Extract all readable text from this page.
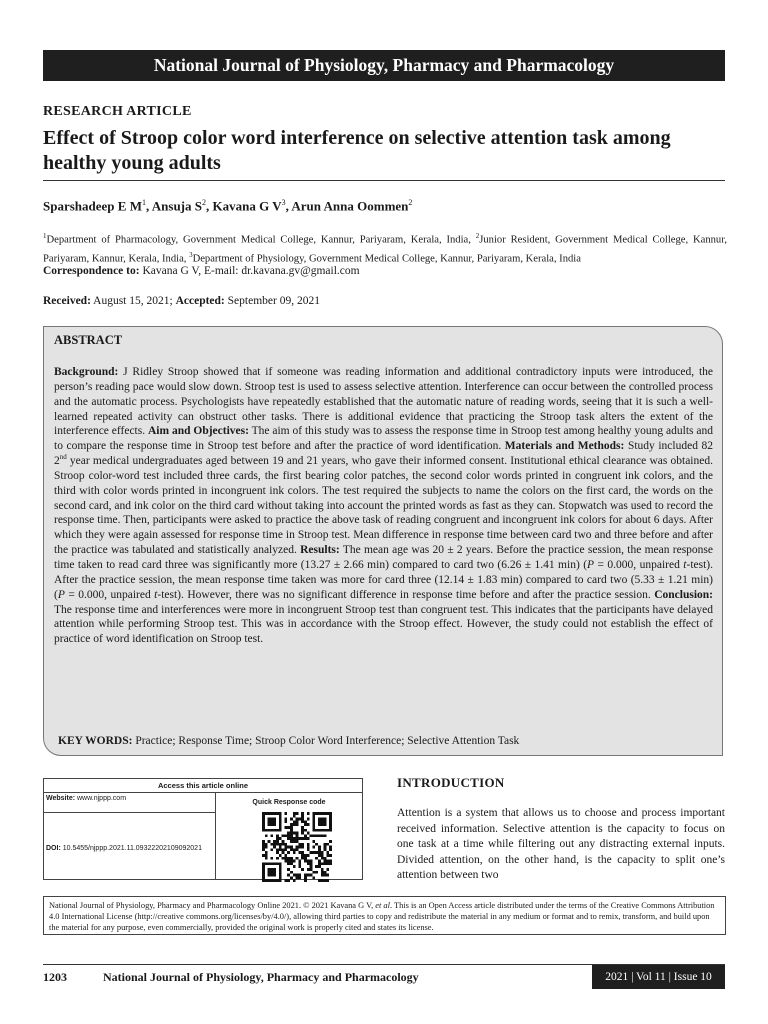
National Journal of Physiology, Pharmacy and Pharmacology
RESEARCH ARTICLE
Effect of Stroop color word interference on selective attention task among healthy young adults
Sparshadeep E $M^1$, Ansuja $S^2$, Kavana G $V^3$, Arun Anna Oommen$^2$
$^1$Department of Pharmacology, Government Medical College, Kannur, Pariyaram, Kerala, India, $^2$Junior Resident, Government Medical College, Kannur, Pariyaram, Kannur, Kerala, India, $^3$Department of Physiology, Government Medical College, Kannur, Pariyaram, Kerala, India
Correspondence to: Kavana G V, E-mail: dr.kavana.gv@gmail.com
Received: August 15, 2021; Accepted: September 09, 2021
ABSTRACT
Background: J Ridley Stroop showed that if someone was reading information and additional contradictory inputs were introduced, the person’s reading pace would slow down. Stroop test is used to assess selective attention. Interference can occur between the controlled process and the automatic process. Psychologists have repeatedly established that the automatic nature of reading words, seeing that it is such a well-learned repeated activity can obstruct other tasks. There is additional evidence that practicing the Stroop task alters the extent of the interference effects. Aim and Objectives: The aim of this study was to assess the response time in Stroop test among healthy young adults and to compare the response time in Stroop test before and after the practice of word identification. Materials and Methods: Study included 82 2nd year medical undergraduates aged between 19 and 21 years, who gave their informed consent. Institutional ethical clearance was obtained. Stroop color-word test included three cards, the first bearing color patches, the second color words printed in congruent ink colors, and the third with color words printed in incongruent ink colors. The test required the subjects to name the colors on the first card, the words on the second card, and ink color on the third card without taking into account the printed words as fast as they can. Stopwatch was used to record the response time. Then, participants were asked to practice the above task of reading congruent and incongruent ink colors for about 6 days. After which they were again assessed for response time in Stroop test. Mean difference in response time between card two and three before and after the practice was tabulated and statistically analyzed. Results: The mean age was 20 ± 2 years. Before the practice session, the mean response time taken to read card three was significantly more (13.27 ± 2.66 min) compared to card two (6.26 ± 1.41 min) (P = 0.000, unpaired t-test). After the practice session, the mean response time taken was more for card three (12.14 ± 1.83 min) compared to card two (5.33 ± 1.21 min) (P = 0.000, unpaired t-test). However, there was no significant difference in response time before and after the practice session. Conclusion: The response time and interferences were more in incongruent Stroop test than congruent test. This indicates that the participants have delayed attention while performing Stroop test. This was in accordance with the Stroop effect. However, the study could not establish the effect of practice of word identification on Stroop test.
KEY WORDS: Practice; Response Time; Stroop Color Word Interference; Selective Attention Task
Access this article online
Website: www.njppp.com
DOI: 10.5455/njppp.2021.11.09322202109092021
Quick Response code
INTRODUCTION
Attention is a system that allows us to choose and process important received information. Selective attention is the capacity to focus on one task at a time while filtering out any distracting external inputs. Divided attention, on the other hand, is the capacity to split one’s attention between two
National Journal of Physiology, Pharmacy and Pharmacology Online 2021. © 2021 Kavana G V, et al. This is an Open Access article distributed under the terms of the Creative Commons Attribution 4.0 International License (http://creative commons.org/licenses/by/4.0/), allowing third parties to copy and redistribute the material in any medium or format and to remix, transform, and build upon the material for any purpose, even commercially, provided the original work is properly cited and states its license.
1203	National Journal of Physiology, Pharmacy and Pharmacology	2021 | Vol 11 | Issue 10
